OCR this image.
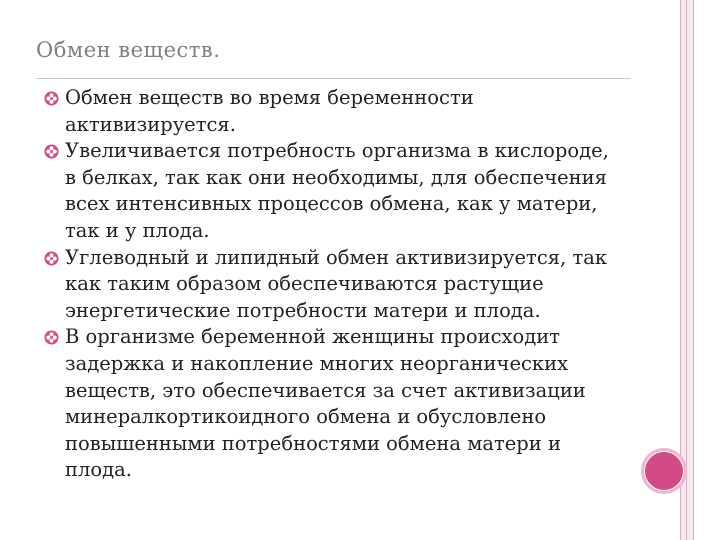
Обмен веществ.
Обмен веществ во время беременности активизируется.
Увеличивается потребность организма в кислороде, в белках, так как они необходимы, для обеспечения всех интенсивных процессов обмена, как у матери, так и у плода.
Углеводный и липидный обмен активизируется, так как таким образом обеспечиваются растущие энергетические потребности матери и плода.
В организме беременной женщины происходит задержка и накопление многих неорганических веществ, это обеспечивается за счет активизации минералкортикоидного обмена и обусловлено повышенными потребностями обмена матери и плода.
